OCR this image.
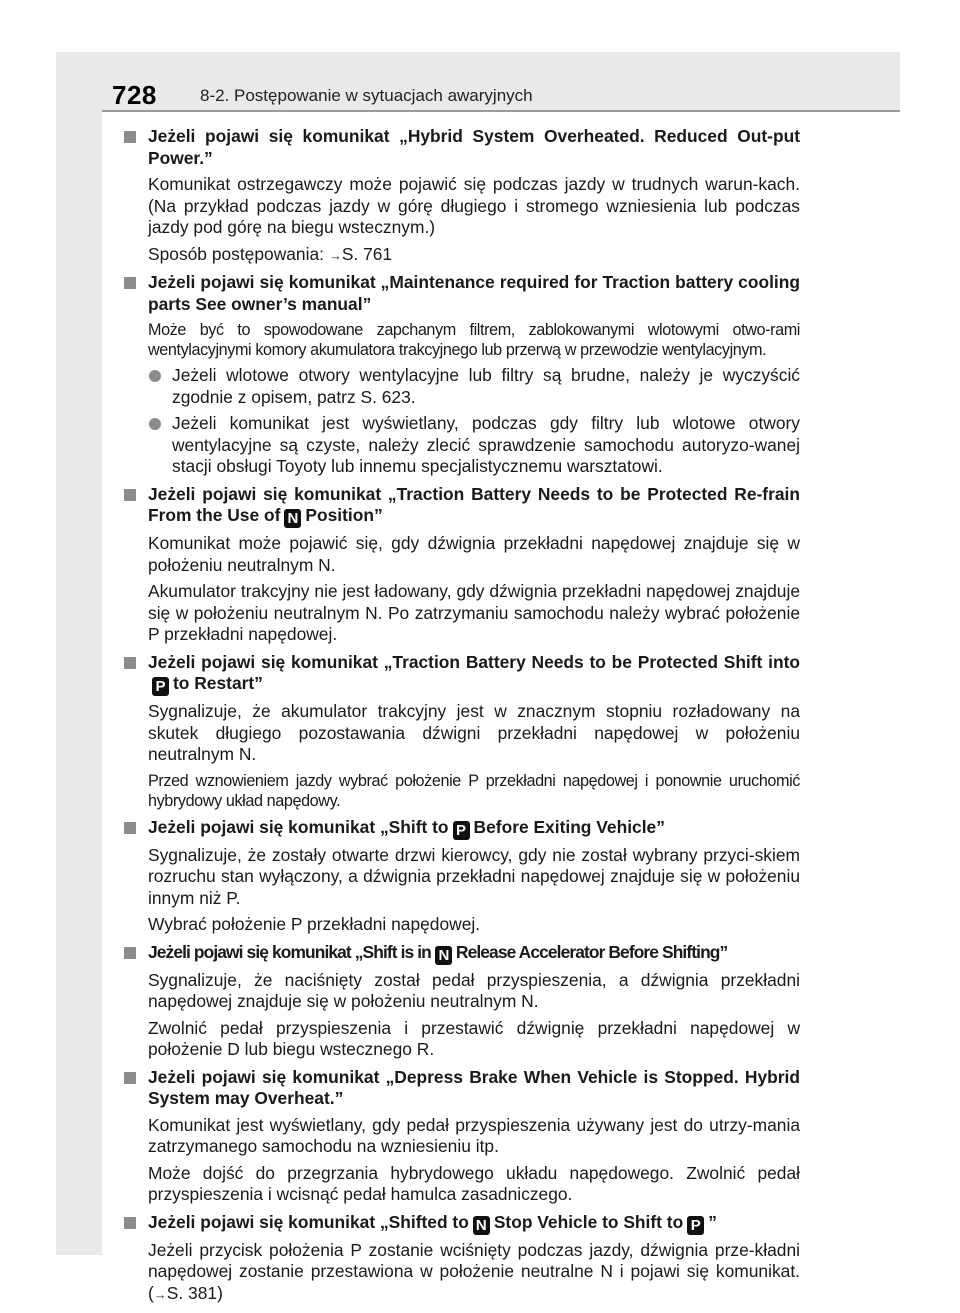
728	8-2. Postępowanie w sytuacjach awaryjnych
Jeżeli pojawi się komunikat „Hybrid System Overheated. Reduced Out-put Power.”
Komunikat ostrzegawczy może pojawić się podczas jazdy w trudnych warun-kach. (Na przykład podczas jazdy w górę długiego i stromego wzniesienia lub podczas jazdy pod górę na biegu wstecznym.)
Sposób postępowania: →S. 761
Jeżeli pojawi się komunikat „Maintenance required for Traction battery cooling parts See owner’s manual”
Może być to spowodowane zapchanym filtrem, zablokowanymi wlotowymi otwo-rami wentylacyjnymi komory akumulatora trakcyjnego lub przerwą w przewodzie wentylacyjnym.
Jeżeli wlotowe otwory wentylacyjne lub filtry są brudne, należy je wyczyścić zgodnie z opisem, patrz S. 623.
Jeżeli komunikat jest wyświetlany, podczas gdy filtry lub wlotowe otwory wentylacyjne są czyste, należy zlecić sprawdzenie samochodu autoryzo-wanej stacji obsługi Toyoty lub innemu specjalistycznemu warsztatowi.
Jeżeli pojawi się komunikat „Traction Battery Needs to be Protected Re-frain From the Use of N Position”
Komunikat może pojawić się, gdy dźwignia przekładni napędowej znajduje się w położeniu neutralnym N.
Akumulator trakcyjny nie jest ładowany, gdy dźwignia przekładni napędowej znajduje się w położeniu neutralnym N. Po zatrzymaniu samochodu należy wybrać położenie P przekładni napędowej.
Jeżeli pojawi się komunikat „Traction Battery Needs to be Protected Shift intoP to Restart”
Sygnalizuje, że akumulator trakcyjny jest w znacznym stopniu rozładowany na skutek długiego pozostawania dźwigni przekładni napędowej w położeniu neutralnym N.
Przed wznowieniem jazdy wybrać położenie P przekładni napędowej i ponownie uruchomić hybrydowy układ napędowy.
Jeżeli pojawi się komunikat „Shift to P Before Exiting Vehicle”
Sygnalizuje, że zostały otwarte drzwi kierowcy, gdy nie został wybrany przyci-skiem rozruchu stan wyłączony, a dźwignia przekładni napędowej znajduje się w położeniu innym niż P.
Wybrać położenie P przekładni napędowej.
Jeżeli pojawi się komunikat „Shift is in N Release Accelerator Before Shifting”
Sygnalizuje, że naciśnięty został pedał przyspieszenia, a dźwignia przekładni napędowej znajduje się w położeniu neutralnym N.
Zwolnić pedał przyspieszenia i przestawić dźwignię przekładni napędowej w położenie D lub biegu wstecznego R.
Jeżeli pojawi się komunikat „Depress Brake When Vehicle is Stopped. Hybrid System may Overheat.”
Komunikat jest wyświetlany, gdy pedał przyspieszenia używany jest do utrzy-mania zatrzymanego samochodu na wzniesieniu itp.
Może dojść do przegrzania hybrydowego układu napędowego. Zwolnić pedał przyspieszenia i wcisnąć pedał hamulca zasadniczego.
Jeżeli pojawi się komunikat „Shifted to N Stop Vehicle to Shift to P ”
Jeżeli przycisk położenia P zostanie wciśnięty podczas jazdy, dźwignia prze-kładni napędowej zostanie przestawiona w położenie neutralne N i pojawi się komunikat. (→S. 381)
